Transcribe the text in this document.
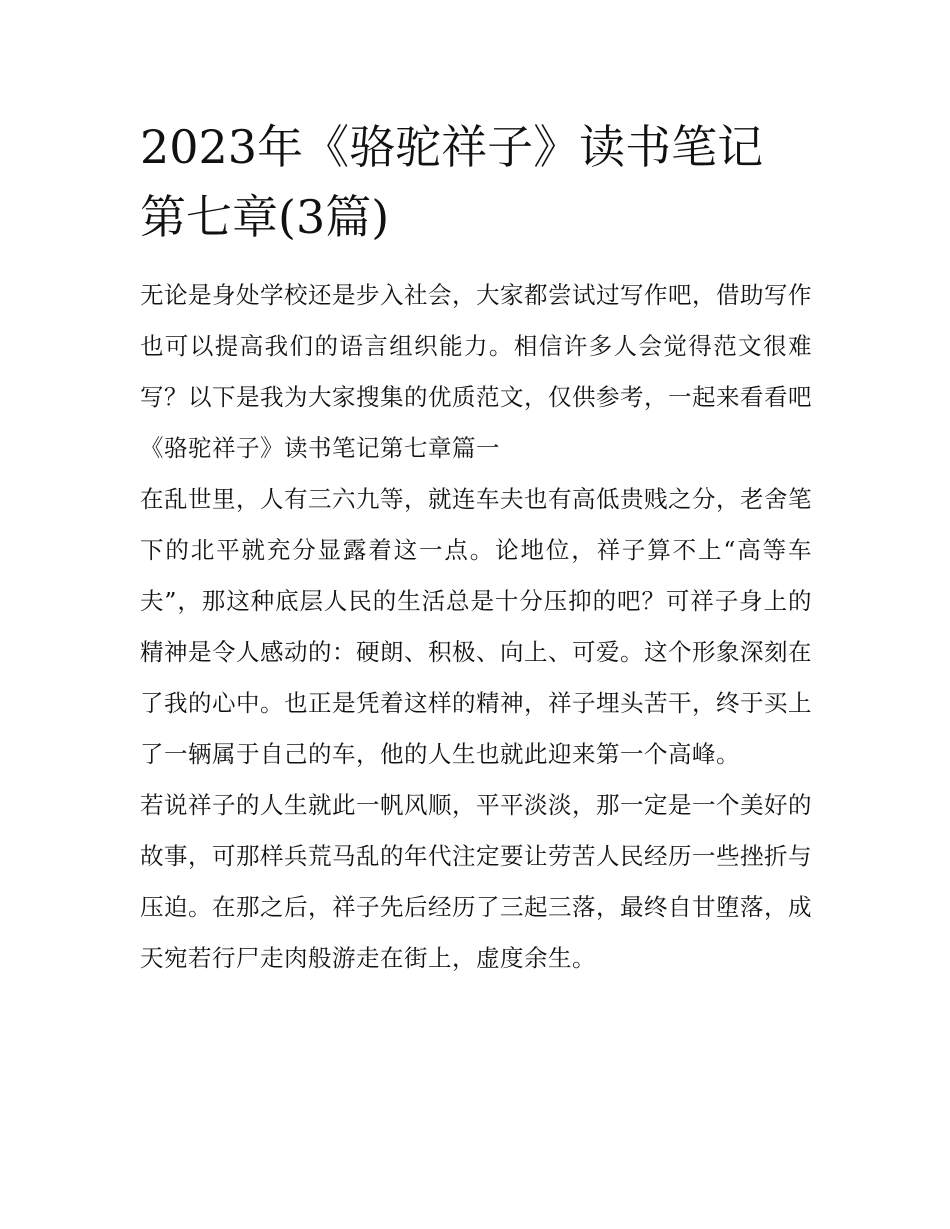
2023年《骆驼祥子》读书笔记
第七章(3篇)

无论是身处学校还是步入社会，大家都尝试过写作吧，借助写作也可以提高我们的语言组织能力。相信许多人会觉得范文很难写？以下是我为大家搜集的优质范文，仅供参考，一起来看看吧

《骆驼祥子》读书笔记第七章篇一

在乱世里，人有三六九等，就连车夫也有高低贵贱之分，老舍笔下的北平就充分显露着这一点。论地位，祥子算不上“高等车夫”，那这种底层人民的生活总是十分压抑的吧？可祥子身上的精神是令人感动的：硬朗、积极、向上、可爱。这个形象深刻在了我的心中。也正是凭着这样的精神，祥子埋头苦干，终于买上了一辆属于自己的车，他的人生也就此迎来第一个高峰。

若说祥子的人生就此一帆风顺，平平淡淡，那一定是一个美好的故事，可那样兵荒马乱的年代注定要让劳苦人民经历一些挫折与压迫。在那之后，祥子先后经历了三起三落，最终自甘堕落，成天宛若行尸走肉般游走在街上，虚度余生。
